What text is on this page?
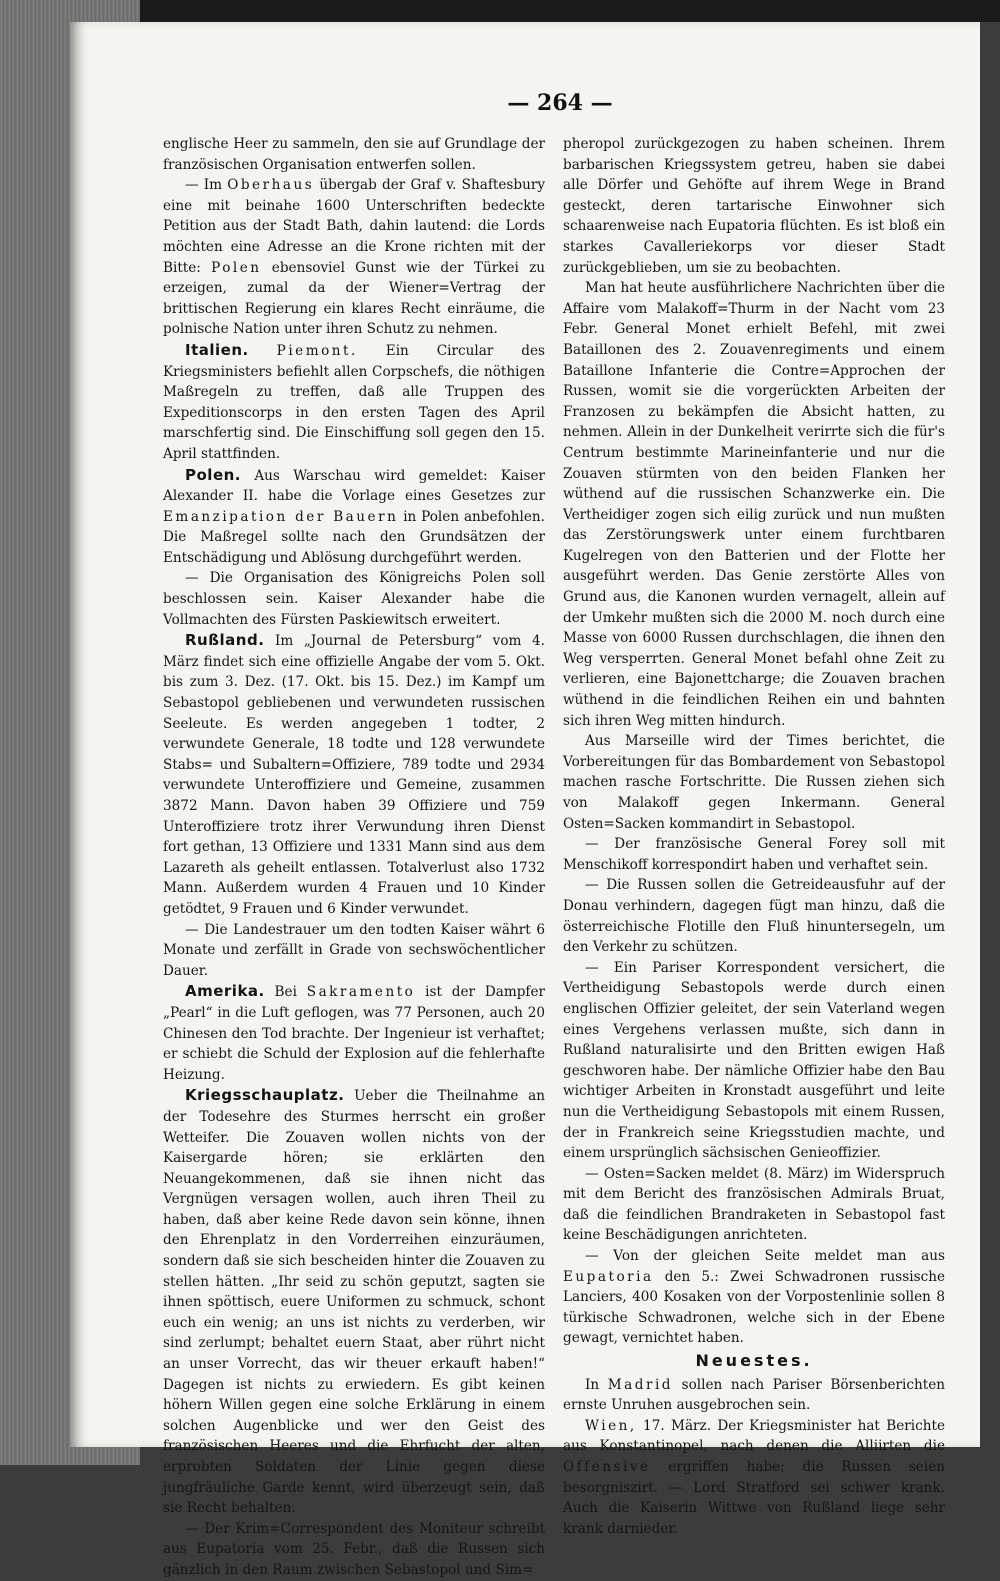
— 264 —

englische Heer zu sammeln, den sie auf Grundlage der französischen Organisation entwerfen sollen.

— Im Oberhaus übergab der Graf v. Shaftesbury eine mit beinahe 1600 Unterschriften bedeckte Petition aus der Stadt Bath, dahin lautend: die Lords möchten eine Adresse an die Krone richten mit der Bitte: Polen ebensoviel Gunst wie der Türkei zu erzeigen, zumal da der Wiener=Vertrag der brittischen Regierung ein klares Recht einräume, die polnische Nation unter ihren Schutz zu nehmen.

Italien. Piemont. Ein Circular des Kriegsministers befiehlt allen Corpschefs, die nöthigen Maßregeln zu treffen, daß alle Truppen des Expeditionscorps in den ersten Tagen des April marschfertig sind. Die Einschiffung soll gegen den 15. April stattfinden.

Polen. Aus Warschau wird gemeldet: Kaiser Alexander II. habe die Vorlage eines Gesetzes zur Emanzipation der Bauern in Polen anbefohlen. Die Maßregel sollte nach den Grundsätzen der Entschädigung und Ablösung durchgeführt werden.

— Die Organisation des Königreichs Polen soll beschlossen sein. Kaiser Alexander habe die Vollmachten des Fürsten Paskiewitsch erweitert.

Rußland. Im „Journal de Petersburg“ vom 4. März findet sich eine offizielle Angabe der vom 5. Okt. bis zum 3. Dez. (17. Okt. bis 15. Dez.) im Kampf um Sebastopol gebliebenen und verwundeten russischen Seeleute. Es werden angegeben 1 todter, 2 verwundete Generale, 18 todte und 128 verwundete Stabs= und Subaltern=Offiziere, 789 todte und 2934 verwundete Unteroffiziere und Gemeine, zusammen 3872 Mann. Davon haben 39 Offiziere und 759 Unteroffiziere trotz ihrer Verwundung ihren Dienst fort gethan, 13 Offiziere und 1331 Mann sind aus dem Lazareth als geheilt entlassen. Totalverlust also 1732 Mann. Außerdem wurden 4 Frauen und 10 Kinder getödtet, 9 Frauen und 6 Kinder verwundet.

— Die Landestrauer um den todten Kaiser währt 6 Monate und zerfällt in Grade von sechswöchentlicher Dauer.

Amerika. Bei Sakramento ist der Dampfer „Pearl“ in die Luft geflogen, was 77 Personen, auch 20 Chinesen den Tod brachte. Der Ingenieur ist verhaftet; er schiebt die Schuld der Explosion auf die fehlerhafte Heizung.

Kriegsschauplatz. Ueber die Theilnahme an der Todesehre des Sturmes herrscht ein großer Wetteifer. Die Zouaven wollen nichts von der Kaisergarde hören; sie erklärten den Neuangekommenen, daß sie ihnen nicht das Vergnügen versagen wollen, auch ihren Theil zu haben, daß aber keine Rede davon sein könne, ihnen den Ehrenplatz in den Vorderreihen einzuräumen, sondern daß sie sich bescheiden hinter die Zouaven zu stellen hätten. „Ihr seid zu schön geputzt, sagten sie ihnen spöttisch, euere Uniformen zu schmuck, schont euch ein wenig; an uns ist nichts zu verderben, wir sind zerlumpt; behaltet euern Staat, aber rührt nicht an unser Vorrecht, das wir theuer erkauft haben!“ Dagegen ist nichts zu erwiedern. Es gibt keinen höhern Willen gegen eine solche Erklärung in einem solchen Augenblicke und wer den Geist des französischen Heeres und die Ehrfucht der alten, erprobten Soldaten der Linie gegen diese jungfräuliche Garde kennt, wird überzeugt sein, daß sie Recht behalten.

— Der Krim=Correspondent des Moniteur schreibt aus Eupatoria vom 25. Febr., daß die Russen sich gänzlich in den Raum zwischen Sebastopol und Sim=

pheropol zurückgezogen zu haben scheinen. Ihrem barbarischen Kriegssystem getreu, haben sie dabei alle Dörfer und Gehöfte auf ihrem Wege in Brand gesteckt, deren tartarische Einwohner sich schaarenweise nach Eupatoria flüchten. Es ist bloß ein starkes Cavalleriekorps vor dieser Stadt zurückgeblieben, um sie zu beobachten.

Man hat heute ausführlichere Nachrichten über die Affaire vom Malakoff=Thurm in der Nacht vom 23 Febr. General Monet erhielt Befehl, mit zwei Bataillonen des 2. Zouavenregiments und einem Bataillone Infanterie die Contre=Approchen der Russen, womit sie die vorgerückten Arbeiten der Franzosen zu bekämpfen die Absicht hatten, zu nehmen. Allein in der Dunkelheit verirrte sich die für's Centrum bestimmte Marineinfanterie und nur die Zouaven stürmten von den beiden Flanken her wüthend auf die russischen Schanzwerke ein. Die Vertheidiger zogen sich eilig zurück und nun mußten das Zerstörungswerk unter einem furchtbaren Kugelregen von den Batterien und der Flotte her ausgeführt werden. Das Genie zerstörte Alles von Grund aus, die Kanonen wurden vernagelt, allein auf der Umkehr mußten sich die 2000 M. noch durch eine Masse von 6000 Russen durchschlagen, die ihnen den Weg versperrten. General Monet befahl ohne Zeit zu verlieren, eine Bajonettcharge; die Zouaven brachen wüthend in die feindlichen Reihen ein und bahnten sich ihren Weg mitten hindurch.

Aus Marseille wird der Times berichtet, die Vorbereitungen für das Bombardement von Sebastopol machen rasche Fortschritte. Die Russen ziehen sich von Malakoff gegen Inkermann. General Osten=Sacken kommandirt in Sebastopol.

— Der französische General Forey soll mit Menschikoff korrespondirt haben und verhaftet sein.

— Die Russen sollen die Getreideausfuhr auf der Donau verhindern, dagegen fügt man hinzu, daß die österreichische Flotille den Fluß hinuntersegeln, um den Verkehr zu schützen.

— Ein Pariser Korrespondent versichert, die Vertheidigung Sebastopols werde durch einen englischen Offizier geleitet, der sein Vaterland wegen eines Vergehens verlassen mußte, sich dann in Rußland naturalisirte und den Britten ewigen Haß geschworen habe. Der nämliche Offizier habe den Bau wichtiger Arbeiten in Kronstadt ausgeführt und leite nun die Vertheidigung Sebastopols mit einem Russen, der in Frankreich seine Kriegsstudien machte, und einem ursprünglich sächsischen Genieoffizier.

— Osten=Sacken meldet (8. März) im Widerspruch mit dem Bericht des französischen Admirals Bruat, daß die feindlichen Brandraketen in Sebastopol fast keine Beschädigungen anrichteten.

— Von der gleichen Seite meldet man aus Eupatoria den 5.: Zwei Schwadronen russische Lanciers, 400 Kosaken von der Vorpostenlinie sollen 8 türkische Schwadronen, welche sich in der Ebene gewagt, vernichtet haben.

Neuestes.

In Madrid sollen nach Pariser Börsenberichten ernste Unruhen ausgebrochen sein.

Wien, 17. März. Der Kriegsminister hat Berichte aus Konstantinopel, nach denen die Alliirten die Offensive ergriffen habe; die Russen seien besorgniszirt. — Lord Stratford sei schwer krank. Auch die Kaiserin Wittwe von Rußland liege sehr krank darnieder.
